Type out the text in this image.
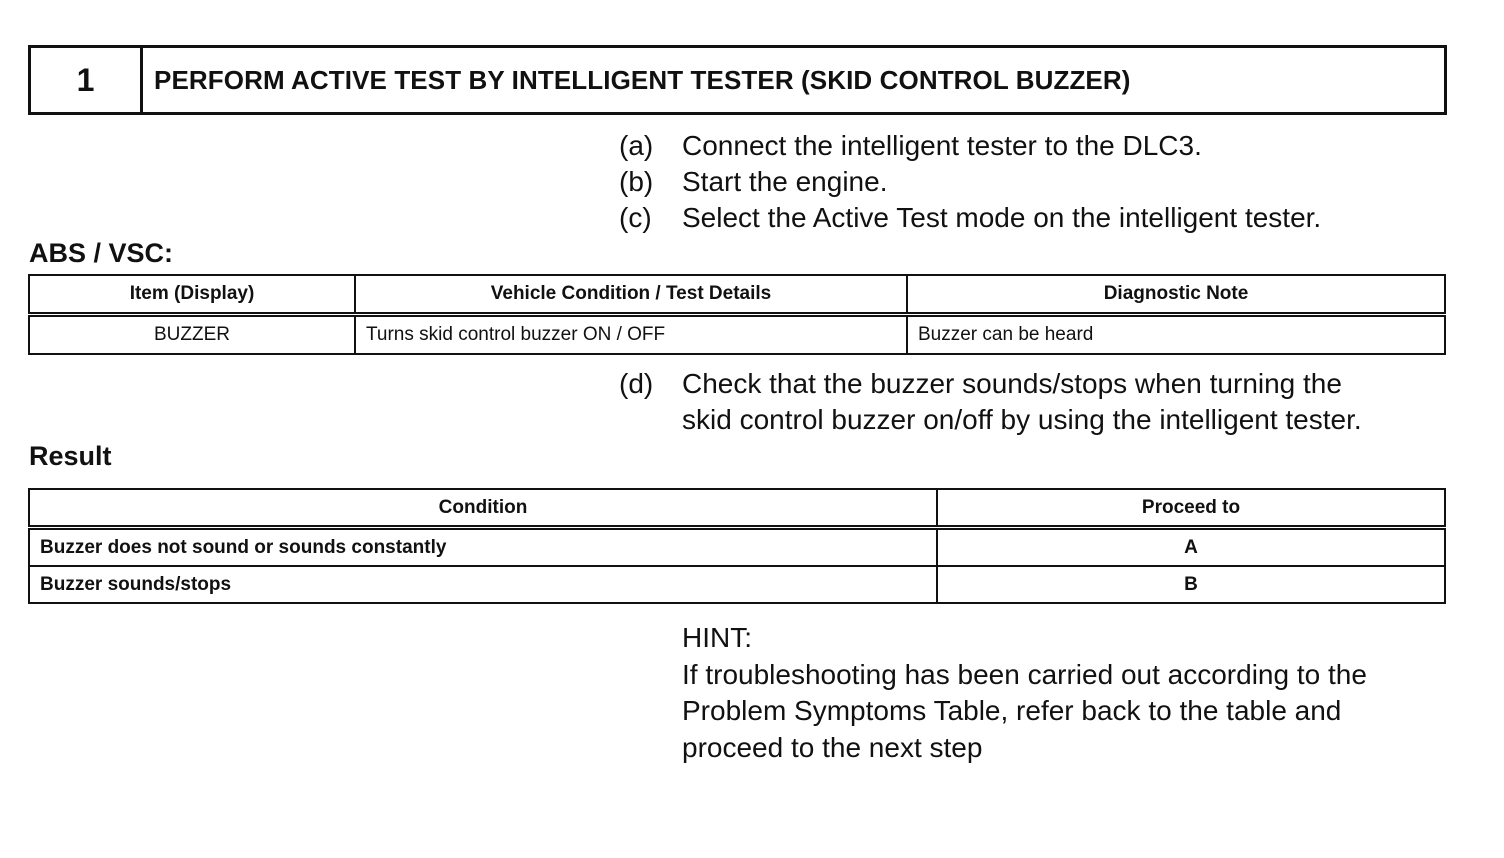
1	PERFORM ACTIVE TEST BY INTELLIGENT TESTER (SKID CONTROL BUZZER)
(a)	Connect the intelligent tester to the DLC3.
(b)	Start the engine.
(c)	Select the Active Test mode on the intelligent tester.
ABS / VSC:
Item (Display)	Vehicle Condition / Test Details	Diagnostic Note
BUZZER	Turns skid control buzzer ON / OFF	Buzzer can be heard
(d)	Check that the buzzer sounds/stops when turning the
skid control buzzer on/off by using the intelligent tester.
Result
Condition	Proceed to
Buzzer does not sound or sounds constantly	A
Buzzer sounds/stops	B
HINT:
If troubleshooting has been carried out according to the
Problem Symptoms Table, refer back to the table and
proceed to the next step
